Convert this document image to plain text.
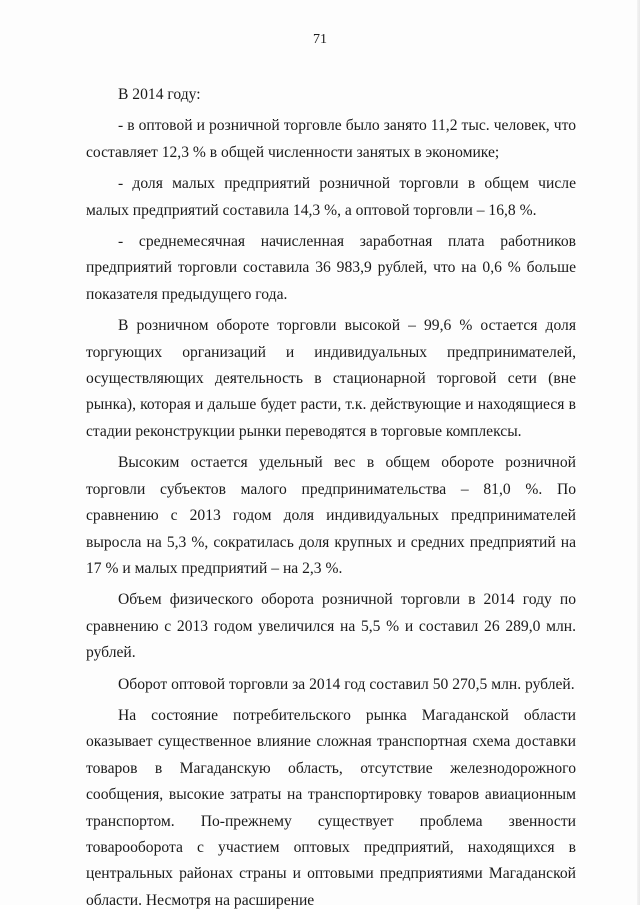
71

В 2014 году:

- в оптовой и розничной торговле было занято 11,2 тыс. человек, что составляет 12,3 % в общей численности занятых в экономике;

- доля малых предприятий розничной торговли в общем числе малых предприятий составила 14,3 %, а оптовой торговли – 16,8 %.

- среднемесячная начисленная заработная плата работников предприятий торговли составила 36 983,9 рублей, что на 0,6 % больше показателя предыдущего года.

В розничном обороте торговли высокой – 99,6 % остается доля торгующих организаций и индивидуальных предпринимателей, осуществляющих деятельность в стационарной торговой сети (вне рынка), которая и дальше будет расти, т.к. действующие и находящиеся в стадии реконструкции рынки переводятся в торговые комплексы.

Высоким остается удельный вес в общем обороте розничной торговли субъектов малого предпринимательства – 81,0 %. По сравнению с 2013 годом доля индивидуальных предпринимателей выросла на 5,3 %, сократилась доля крупных и средних предприятий на 17 % и малых предприятий – на 2,3 %.

Объем физического оборота розничной торговли в 2014 году по сравнению с 2013 годом увеличился на 5,5 % и составил 26 289,0 млн. рублей.

Оборот оптовой торговли за 2014 год составил 50 270,5 млн. рублей.

На состояние потребительского рынка Магаданской области оказывает существенное влияние сложная транспортная схема доставки товаров в Магаданскую область, отсутствие железнодорожного сообщения, высокие затраты на транспортировку товаров авиационным транспортом. По-прежнему существует проблема звенности товарооборота с участием оптовых предприятий, находящихся в центральных районах страны и оптовыми предприятиями Магаданской области. Несмотря на расширение
